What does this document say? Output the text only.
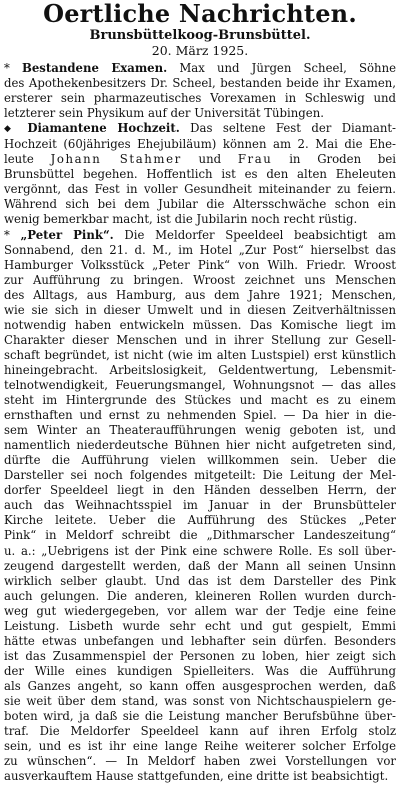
Oertliche Nachrichten.
Brunsbüttelkoog-Brunsbüttel.
20. März 1925.
* Bestandene Examen. Max und Jürgen Scheel, Söhne
des Apothekenbesitzers Dr. Scheel, bestanden beide ihr Examen,
ersterer sein pharmazeutisches Vorexamen in Schleswig und
letzterer sein Physikum auf der Universität Tübingen.
◆ Diamantene Hochzeit. Das seltene Fest der Diamant-
Hochzeit (60jähriges Ehejubiläum) können am 2. Mai die Ehe-
leute Johann Stahmer und Frau in Groden bei
Brunsbüttel begehen. Hoffentlich ist es den alten Eheleuten
vergönnt, das Fest in voller Gesundheit miteinander zu feiern.
Während sich bei dem Jubilar die Altersschwäche schon ein
wenig bemerkbar macht, ist die Jubilarin noch recht rüstig.
* „Peter Pink“. Die Meldorfer Speeldeel beabsichtigt am
Sonnabend, den 21. d. M., im Hotel „Zur Post“ hierselbst das
Hamburger Volksstück „Peter Pink“ von Wilh. Friedr. Wroost
zur Aufführung zu bringen. Wroost zeichnet uns Menschen
des Alltags, aus Hamburg, aus dem Jahre 1921; Menschen,
wie sie sich in dieser Umwelt und in diesen Zeitverhältnissen
notwendig haben entwickeln müssen. Das Komische liegt im
Charakter dieser Menschen und in ihrer Stellung zur Gesell-
schaft begründet, ist nicht (wie im alten Lustspiel) erst künstlich
hineingebracht. Arbeitslosigkeit, Geldentwertung, Lebensmit-
telnotwendigkeit, Feuerungsmangel, Wohnungsnot — das alles
steht im Hintergrunde des Stückes und macht es zu einem
ernsthaften und ernst zu nehmenden Spiel. — Da hier in die-
sem Winter an Theateraufführungen wenig geboten ist, und
namentlich niederdeutsche Bühnen hier nicht aufgetreten sind,
dürfte die Aufführung vielen willkommen sein. Ueber die
Darsteller sei noch folgendes mitgeteilt: Die Leitung der Mel-
dorfer Speeldeel liegt in den Händen desselben Herrn, der
auch das Weihnachtsspiel im Januar in der Brunsbütteler
Kirche leitete. Ueber die Aufführung des Stückes „Peter
Pink“ in Meldorf schreibt die „Dithmarscher Landeszeitung“
u. a.: „Uebrigens ist der Pink eine schwere Rolle. Es soll über-
zeugend dargestellt werden, daß der Mann all seinen Unsinn
wirklich selber glaubt. Und das ist dem Darsteller des Pink
auch gelungen. Die anderen, kleineren Rollen wurden durch-
weg gut wiedergegeben, vor allem war der Tedje eine feine
Leistung. Lisbeth wurde sehr echt und gut gespielt, Emmi
hätte etwas unbefangen und lebhafter sein dürfen. Besonders
ist das Zusammenspiel der Personen zu loben, hier zeigt sich
der Wille eines kundigen Spielleiters. Was die Aufführung
als Ganzes angeht, so kann offen ausgesprochen werden, daß
sie weit über dem stand, was sonst von Nichtschauspielern ge-
boten wird, ja daß sie die Leistung mancher Berufsbühne über-
traf. Die Meldorfer Speeldeel kann auf ihren Erfolg stolz
sein, und es ist ihr eine lange Reihe weiterer solcher Erfolge
zu wünschen“. — In Meldorf haben zwei Vorstellungen vor
ausverkauftem Hause stattgefunden, eine dritte ist beabsichtigt.
